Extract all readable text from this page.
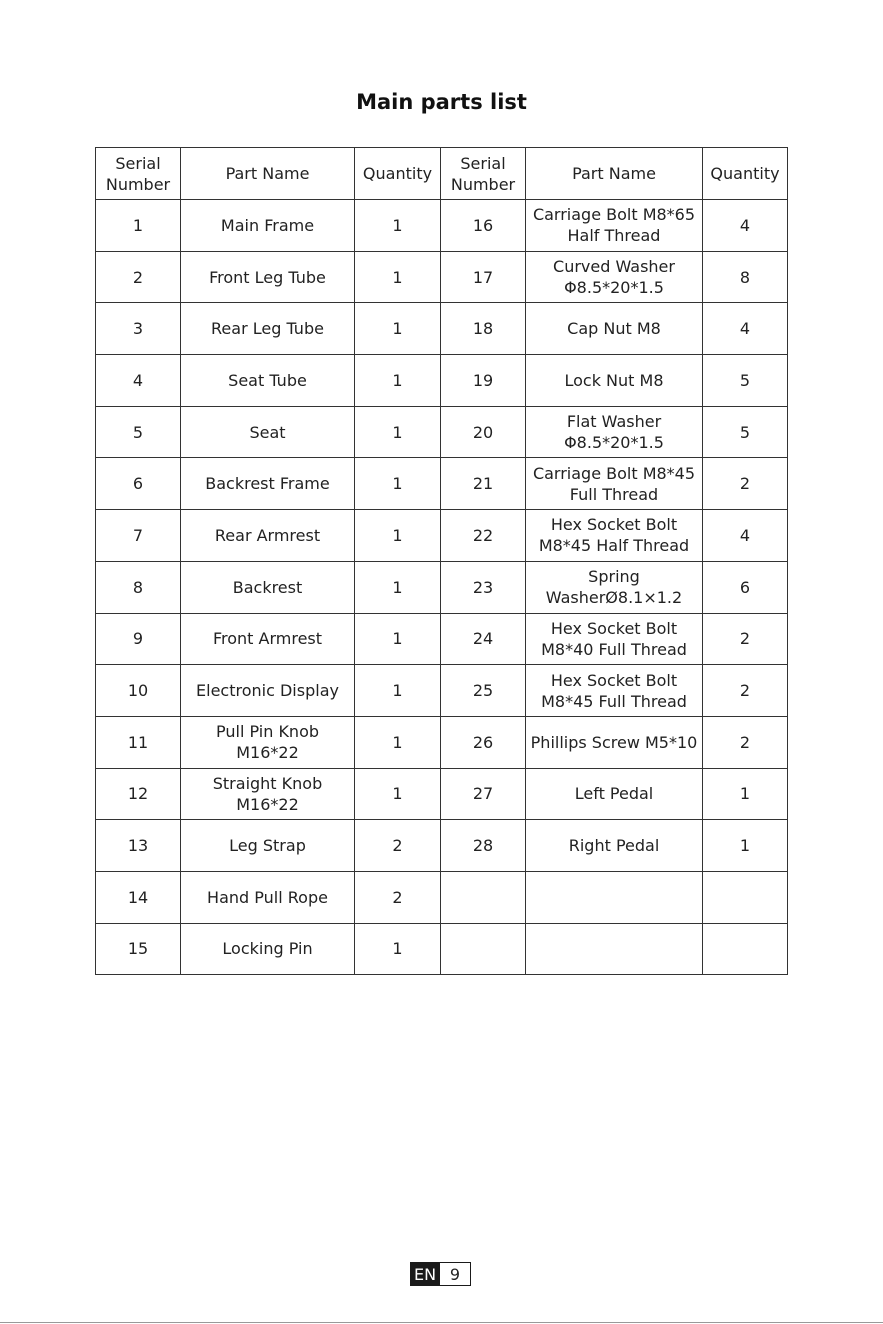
Main parts list
Serial
Number	Part Name	Quantity	Serial
Number	Part Name	Quantity
1	Main Frame	1	16	Carriage Bolt M8*65
Half Thread	4
2	Front Leg Tube	1	17	Curved Washer
Φ8.5*20*1.5	8
3	Rear Leg Tube	1	18	Cap Nut M8	4
4	Seat Tube	1	19	Lock Nut M8	5
5	Seat	1	20	Flat Washer
Φ8.5*20*1.5	5
6	Backrest Frame	1	21	Carriage Bolt M8*45
Full Thread	2
7	Rear Armrest	1	22	Hex Socket Bolt
M8*45 Half Thread	4
8	Backrest	1	23	Spring
WasherØ8.1×1.2	6
9	Front Armrest	1	24	Hex Socket Bolt
M8*40 Full Thread	2
10	Electronic Display	1	25	Hex Socket Bolt
M8*45 Full Thread	2
11	Pull Pin Knob
M16*22	1	26	Phillips Screw M5*10	2
12	Straight Knob
M16*22	1	27	Left Pedal	1
13	Leg Strap	2	28	Right Pedal	1
14	Hand Pull Rope	2			
15	Locking Pin	1			
EN 9
